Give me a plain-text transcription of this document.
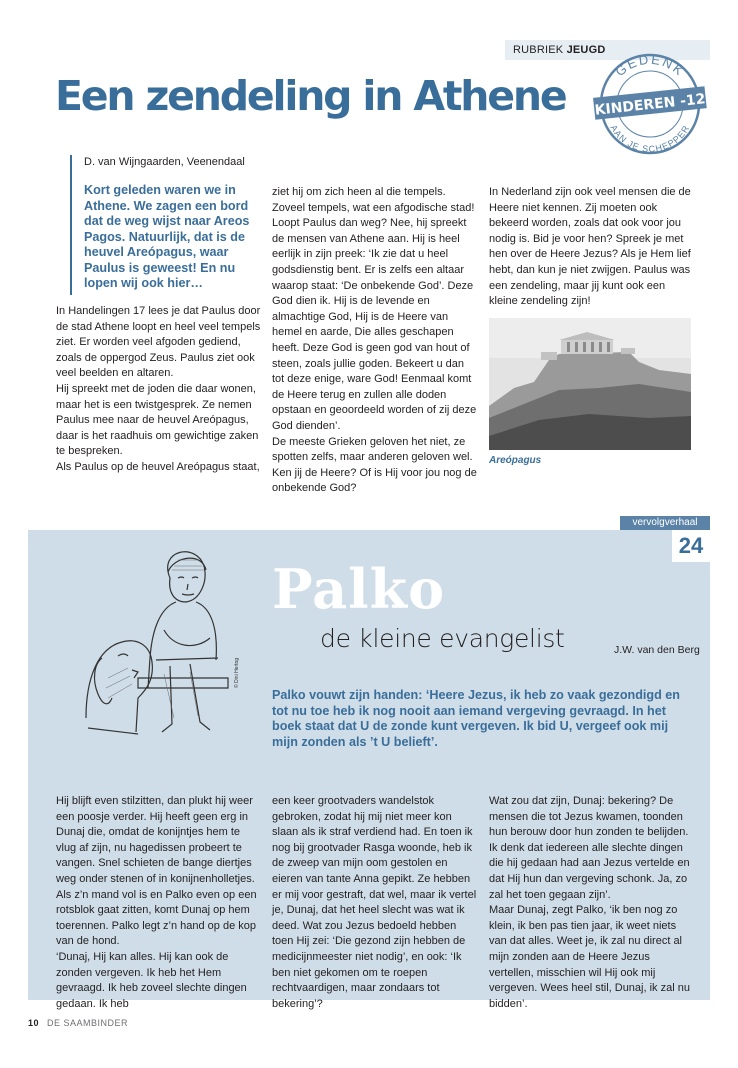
RUBRIEK JEUGD
Een zendeling in Athene
GEDENK
AAN JE SCHEPPER
KINDEREN -12
D. van Wijngaarden, Veenendaal

Kort geleden waren we in Athene. We zagen een bord dat de weg wijst naar Areos Pagos. Natuurlijk, dat is de heuvel Areópagus, waar Paulus is geweest! En nu lopen wij ook hier…

In Handelingen 17 lees je dat Paulus door de stad Athene loopt en heel veel tempels ziet. Er worden veel afgoden gediend, zoals de oppergod Zeus. Paulus ziet ook veel beelden en altaren.

Hij spreekt met de joden die daar wonen, maar het is een twistgesprek. Ze nemen Paulus mee naar de heuvel Areópagus, daar is het raadhuis om gewichtige zaken te bespreken.

Als Paulus op de heuvel Areópagus staat,

ziet hij om zich heen al die tempels. Zoveel tempels, wat een afgodische stad! Loopt Paulus dan weg? Nee, hij spreekt de mensen van Athene aan. Hij is heel eerlijk in zijn preek: ‘Ik zie dat u heel godsdienstig bent. Er is zelfs een altaar waarop staat: ‘De onbekende God’. Deze God dien ik. Hij is de levende en almachtige God, Hij is de Heere van hemel en aarde, Die alles geschapen heeft. Deze God is geen god van hout of steen, zoals jullie goden. Bekeert u dan tot deze enige, ware God! Eenmaal komt de Heere terug en zullen alle doden opstaan en geoordeeld worden of zij deze God dienden’.

De meeste Grieken geloven het niet, ze spotten zelfs, maar anderen geloven wel. Ken jij de Heere? Of is Hij voor jou nog de onbekende God?

In Nederland zijn ook veel mensen die de Heere niet kennen. Zij moeten ook bekeerd worden, zoals dat ook voor jou nodig is. Bid je voor hen? Spreek je met hen over de Heere Jezus? Als je Hem lief hebt, dan kun je niet zwijgen. Paulus was een zendeling, maar jij kunt ook een kleine zendeling zijn!

Areópagus
vervolgverhaal
24
© Dini Hertog
Palko
de kleine evangelist	J.W. van den Berg

Palko vouwt zijn handen: ‘Heere Jezus, ik heb zo vaak gezondigd en tot nu toe heb ik nog nooit aan iemand vergeving gevraagd. In het boek staat dat U de zonde kunt vergeven. Ik bid U, vergeef ook mij mijn zonden als ’t U belieft’.

Hij blijft even stilzitten, dan plukt hij weer een poosje verder. Hij heeft geen erg in Dunaj die, omdat de konijntjes hem te vlug af zijn, nu hagedissen probeert te vangen. Snel schieten de bange diertjes weg onder stenen of in konijnenholletjes. Als z’n mand vol is en Palko even op een rotsblok gaat zitten, komt Dunaj op hem toerennen. Palko legt z’n hand op de kop van de hond.

‘Dunaj, Hij kan alles. Hij kan ook de zonden vergeven. Ik heb het Hem gevraagd. Ik heb zoveel slechte dingen gedaan. Ik heb

een keer grootvaders wandelstok gebroken, zodat hij mij niet meer kon slaan als ik straf verdiend had. En toen ik nog bij grootvader Rasga woonde, heb ik de zweep van mijn oom gestolen en eieren van tante Anna gepikt. Ze hebben er mij voor gestraft, dat wel, maar ik vertel je, Dunaj, dat het heel slecht was wat ik deed. Wat zou Jezus bedoeld hebben toen Hij zei: ‘Die gezond zijn hebben de medicijnmeester niet nodig’, en ook: ‘Ik ben niet gekomen om te roepen rechtvaardigen, maar zondaars tot bekering’?

Wat zou dat zijn, Dunaj: bekering? De mensen die tot Jezus kwamen, toonden hun berouw door hun zonden te belijden. Ik denk dat iedereen alle slechte dingen die hij gedaan had aan Jezus vertelde en dat Hij hun dan vergeving schonk. Ja, zo zal het toen gegaan zijn’.

Maar Dunaj, zegt Palko, ‘ik ben nog zo klein, ik ben pas tien jaar, ik weet niets van dat alles. Weet je, ik zal nu direct al mijn zonden aan de Heere Jezus vertellen, misschien wil Hij ook mij vergeven. Wees heel stil, Dunaj, ik zal nu bidden’.

10 DE SAAMBINDER
